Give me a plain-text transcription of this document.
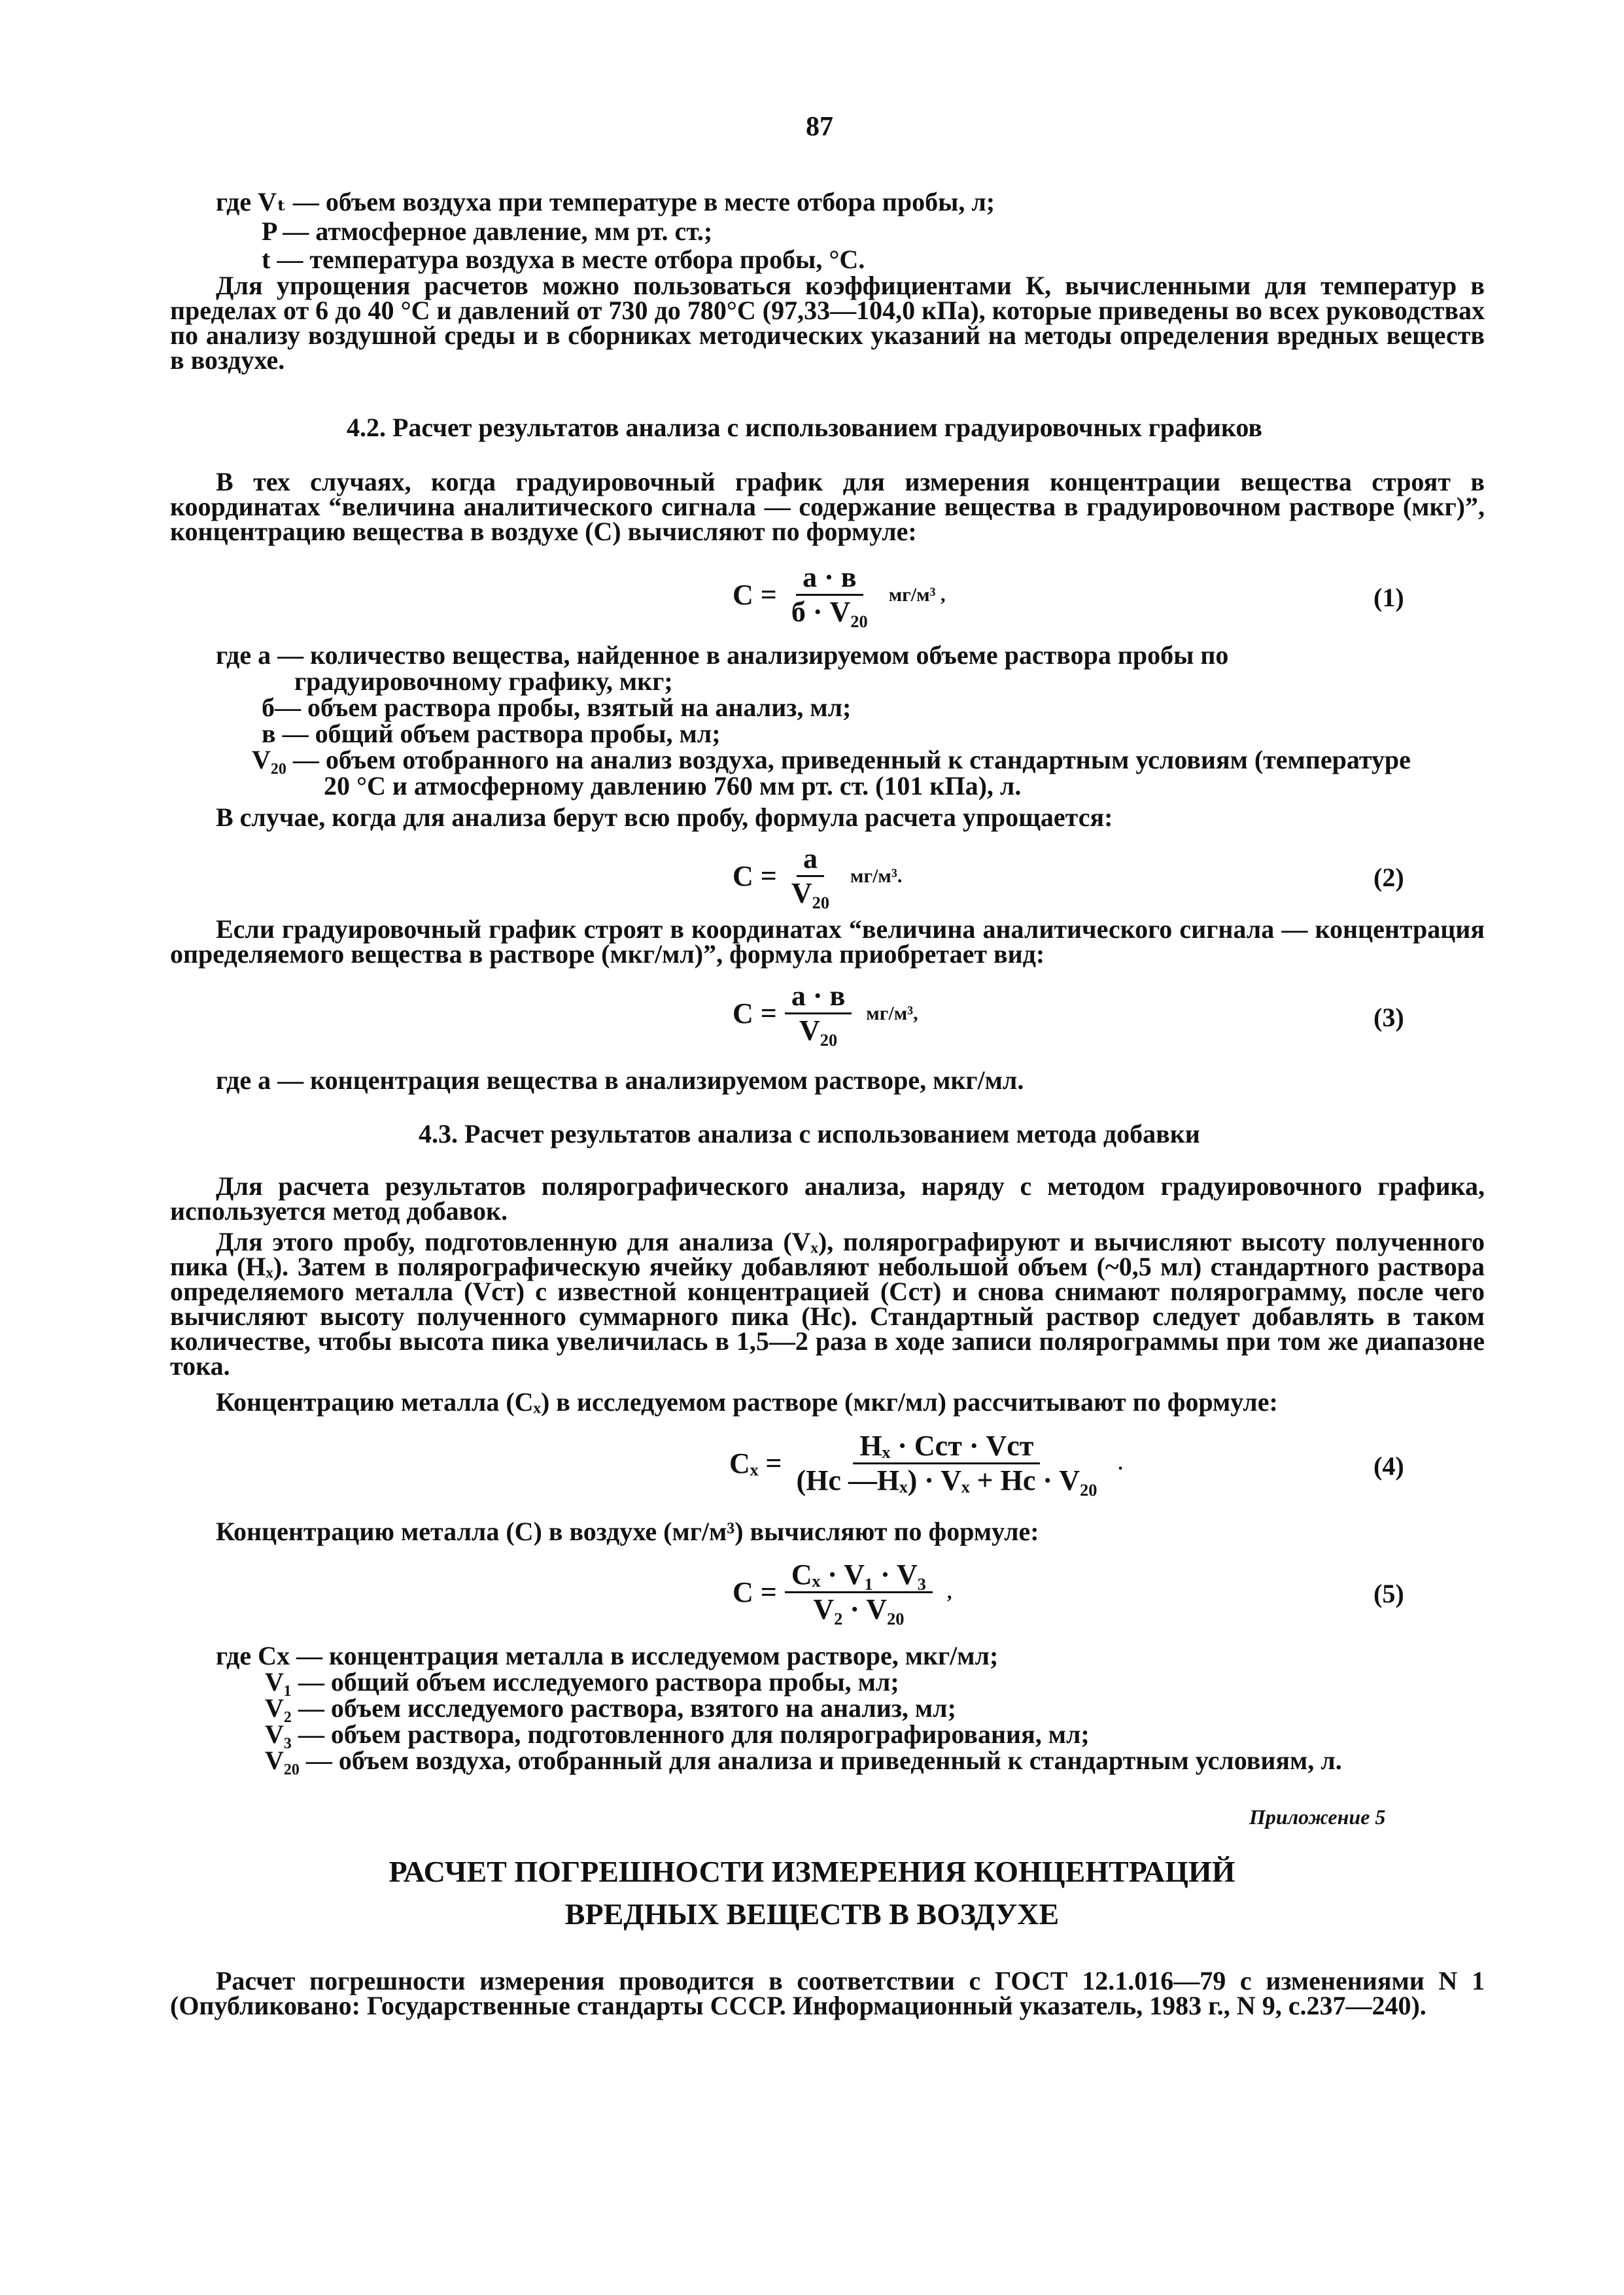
87
где Vₜ — объем воздуха при температуре в месте отбора пробы, л;
P — атмосферное давление, мм рт. ст.;
t — температура воздуха в месте отбора пробы, °С.
Для упрощения расчетов можно пользоваться коэффициентами К, вычисленными для температур в пределах от 6 до 40 °С и давлений от 730 до 780°С (97,33—104,0 кПа), которые приведены во всех руководствах по анализу воздушной среды и в сборниках методических указаний на методы определения вредных веществ в воздухе.
4.2. Расчет результатов анализа с использованием градуировочных графиков
В тех случаях, когда градуировочный график для измерения концентрации вещества строят в координатах “величина аналитического сигнала — содержание вещества в градуировочном растворе (мкг)”, концентрацию вещества в воздухе (С) вычисляют по формуле:
$C = \frac{а \cdot в}{\text{б · V₂₀}} мг/м^3$ ,	(1)
где а — количество вещества, найденное в анализируемом объеме раствора пробы по
градуировочному графику, мкг;
б— объем раствора пробы, взятый на анализ, мл;
в — общий объем раствора пробы, мл;
V₂₀ — объем отобранного на анализ воздуха, приведенный к стандартным условиям (температуре
20 °С и атмосферному давлению 760 мм рт. ст. (101 кПа), л.
В случае, когда для анализа берут всю пробу, формула расчета упрощается:
$C = \frac{а}{\text{V₂₀}} мг/м^3$.	(2)
Если градуировочный график строят в координатах “величина аналитического сигнала — концентрация определяемого вещества в растворе (мкг/мл)”, формула приобретает вид:
$C = \frac{а \cdot в}{\text{V₂₀}} мг/м^3$,	(3)
где а — концентрация вещества в анализируемом растворе, мкг/мл.
4.3. Расчет результатов анализа с использованием метода добавки
Для расчета результатов полярографического анализа, наряду с методом градуировочного графика, используется метод добавок.
Для этого пробу, подготовленную для анализа (Vₓ), полярографируют и вычисляют высоту полученного пика (Hₓ). Затем в полярографическую ячейку добавляют небольшой объем (~0,5 мл) стандартного раствора определяемого металла (Vст) с известной концентрацией (Сст) и снова снимают полярограмму, после чего вычисляют высоту полученного суммарного пика (Hc). Стандартный раствор следует добавлять в таком количестве, чтобы высота пика увеличилась в 1,5—2 раза в ходе записи полярограммы при том же диапазоне тока.
Концентрацию металла (Сₓ) в исследуемом растворе (мкг/мл) рассчитывают по формуле:
$C_x = \frac{\text{Hₓ · Cст · Vст}}{\text{(Hc —Hₓ) · Vₓ + Hc · V₂₀}}$ .	(4)
Концентрацию металла (С) в воздухе (мг/м³) вычисляют по формуле:
$C = \frac{\text{Cₓ · V₁ · V₃}}{\text{V₂ · V₂₀}}$ ,	(5)
где Сх — концентрация металла в исследуемом растворе, мкг/мл;
V₁ — общий объем исследуемого раствора пробы, мл;
V₂ — объем исследуемого раствора, взятого на анализ, мл;
V₃ — объем раствора, подготовленного для полярографирования, мл;
V₂₀ — объем воздуха, отобранный для анализа и приведенный к стандартным условиям, л.
Приложение 5
РАСЧЕТ ПОГРЕШНОСТИ ИЗМЕРЕНИЯ КОНЦЕНТРАЦИЙ
ВРЕДНЫХ ВЕЩЕСТВ В ВОЗДУХЕ
Расчет погрешности измерения проводится в соответствии с ГОСТ 12.1.016—79 с изменениями N 1 (Опубликовано: Государственные стандарты СССР. Информационный указатель, 1983 г., N 9, с.237—240).
